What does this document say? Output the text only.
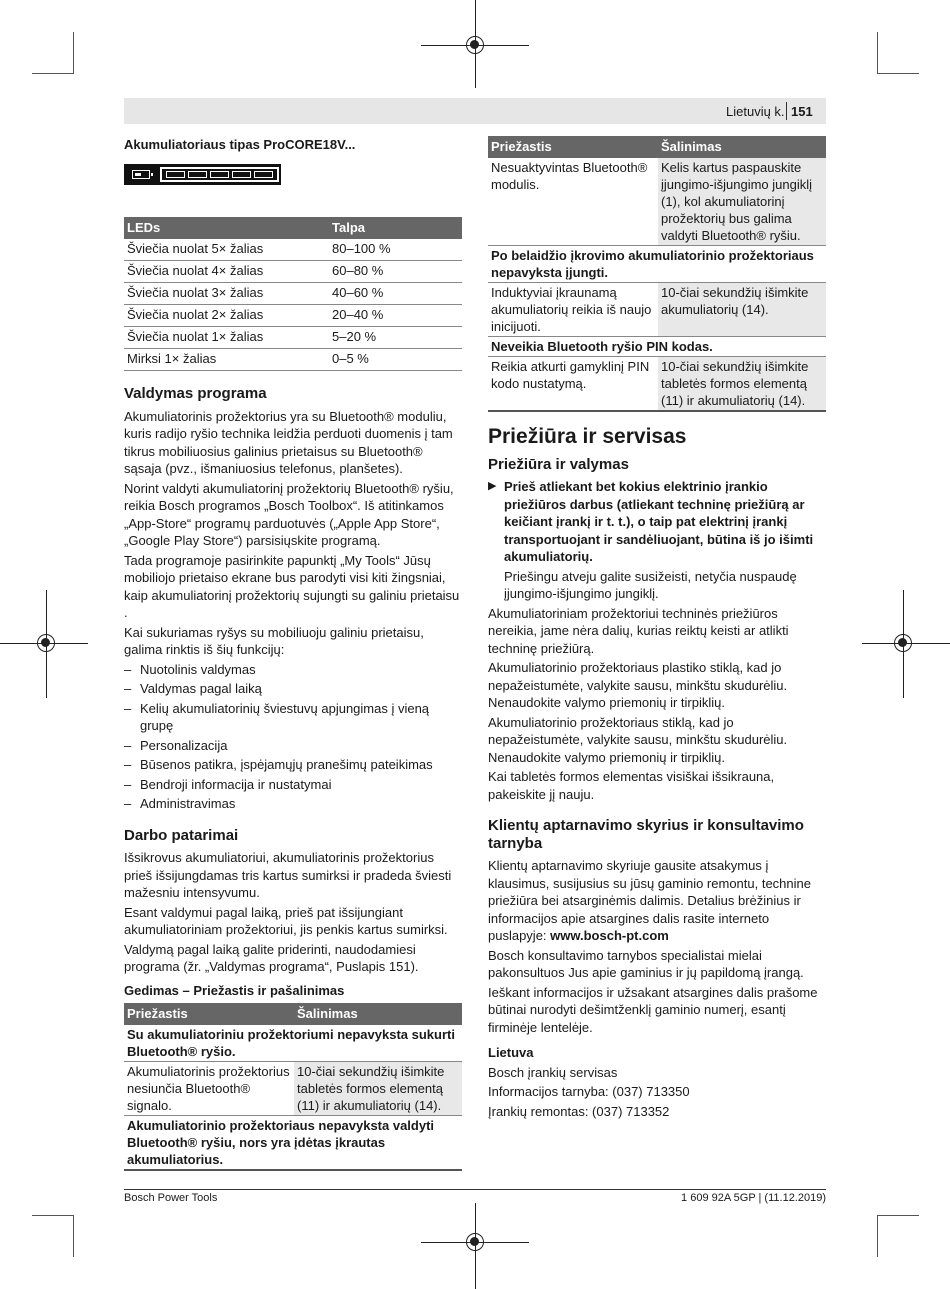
Lietuvių k. 151
Akumuliatoriaus tipas ProCORE18V...
LEDs	Talpa
Šviečia nuolat 5× žalias	80–100 %
Šviečia nuolat 4× žalias	60–80 %
Šviečia nuolat 3× žalias	40–60 %
Šviečia nuolat 2× žalias	20–40 %
Šviečia nuolat 1× žalias	5–20 %
Mirksi 1× žalias	0–5 %
Valdymas programa

Akumuliatorinis prožektorius yra su Bluetooth® moduliu, kuris radijo ryšio technika leidžia perduoti duomenis į tam tikrus mobiliuosius galinius prietaisus su Bluetooth® sąsaja (pvz., išmaniuosius telefonus, planšetes).

Norint valdyti akumuliatorinį prožektorių Bluetooth® ryšiu, reikia Bosch programos „Bosch Toolbox“. Iš atitinkamos „App-Store“ programų parduotuvės („Apple App Store“, „Google Play Store“) parsisiųskite programą.

Tada programoje pasirinkite papunktį „My Tools“ Jūsų mobiliojo prietaiso ekrane bus parodyti visi kiti žingsniai, kaip akumuliatorinį prožektorių sujungti su galiniu prietaisu .

Kai sukuriamas ryšys su mobiliuoju galiniu prietaisu, galima rinktis iš šių funkcijų:

– Nuotolinis valdymas
– Valdymas pagal laiką
– Kelių akumuliatorinių šviestuvų apjungimas į vieną grupę
– Personalizacija
– Būsenos patikra, įspėjamųjų pranešimų pateikimas
– Bendroji informacija ir nustatymai
– Administravimas
Darbo patarimai

Išsikrovus akumuliatoriui, akumuliatorinis prožektorius prieš išsijungdamas tris kartus sumirksi ir pradeda šviesti mažesniu intensyvumu.

Esant valdymui pagal laiką, prieš pat išsijungiant akumuliatoriniam prožektoriui, jis penkis kartus sumirksi.

Valdymą pagal laiką galite priderinti, naudodamiesi programa (žr. „Valdymas programa“, Puslapis 151).

Gedimas – Priežastis ir pašalinimas
Priežastis	Šalinimas
Su akumuliatoriniu prožektoriumi nepavyksta sukurti Bluetooth® ryšio.	
Akumuliatorinis prožektorius nesiunčia Bluetooth® signalo.	10-čiai sekundžių išimkite tabletės formos elementą (11) ir akumuliatorių (14).
Akumuliatorinio prožektoriaus nepavyksta valdyti Bluetooth® ryšiu, nors yra įdėtas įkrautas akumuliatorius.	
Priežastis	Šalinimas
Nesuaktyvintas Bluetooth® modulis.	Kelis kartus paspauskite įjungimo-išjungimo jungiklį (1), kol akumuliatorinį prožektorių bus galima valdyti Bluetooth® ryšiu.
Po belaidžio įkrovimo akumuliatorinio prožektoriaus nepavyksta įjungti.	
Induktyviai įkraunamą akumuliatorių reikia iš naujo inicijuoti.	10-čiai sekundžių išimkite akumuliatorių (14).
Neveikia Bluetooth ryšio PIN kodas.	
Reikia atkurti gamyklinį PIN kodo nustatymą.	10-čiai sekundžių išimkite tabletės formos elementą (11) ir akumuliatorių (14).
Priežiūra ir servisas
Priežiūra ir valymas
▶ Prieš atliekant bet kokius elektrinio įrankio priežiūros darbus (atliekant techninę priežiūrą ar keičiant įrankį ir t. t.), o taip pat elektrinį įrankį transportuojant ir sandėliuojant, būtina iš jo išimti akumuliatorių.

Priešingu atveju galite susižeisti, netyčia nuspaudę įjungimo-išjungimo jungiklį.

Akumuliatoriniam prožektoriui techninės priežiūros nereikia, jame nėra dalių, kurias reiktų keisti ar atlikti techninę priežiūrą.

Akumuliatorinio prožektoriaus plastiko stiklą, kad jo nepažeistumėte, valykite sausu, minkštu skudurėliu. Nenaudokite valymo priemonių ir tirpiklių.

Akumuliatorinio prožektoriaus stiklą, kad jo nepažeistumėte, valykite sausu, minkštu skudurėliu. Nenaudokite valymo priemonių ir tirpiklių.

Kai tabletės formos elementas visiškai išsikrauna, pakeiskite jį nauju.

Klientų aptarnavimo skyrius ir konsultavimo tarnyba

Klientų aptarnavimo skyriuje gausite atsakymus į klausimus, susijusius su jūsų gaminio remontu, technine priežiūra bei atsarginėmis dalimis. Detalius brėžinius ir informacijos apie atsargines dalis rasite interneto puslapyje: www.bosch-pt.com

Bosch konsultavimo tarnybos specialistai mielai pakonsultuos Jus apie gaminius ir jų papildomą įrangą.

Ieškant informacijos ir užsakant atsargines dalis prašome būtinai nurodyti dešimtženklį gaminio numerį, esantį firminėje lentelėje.

Lietuva

Bosch įrankių servisas

Informacijos tarnyba: (037) 713350

Įrankių remontas: (037) 713352

Bosch Power Tools	1 609 92A 5GP | (11.12.2019)
